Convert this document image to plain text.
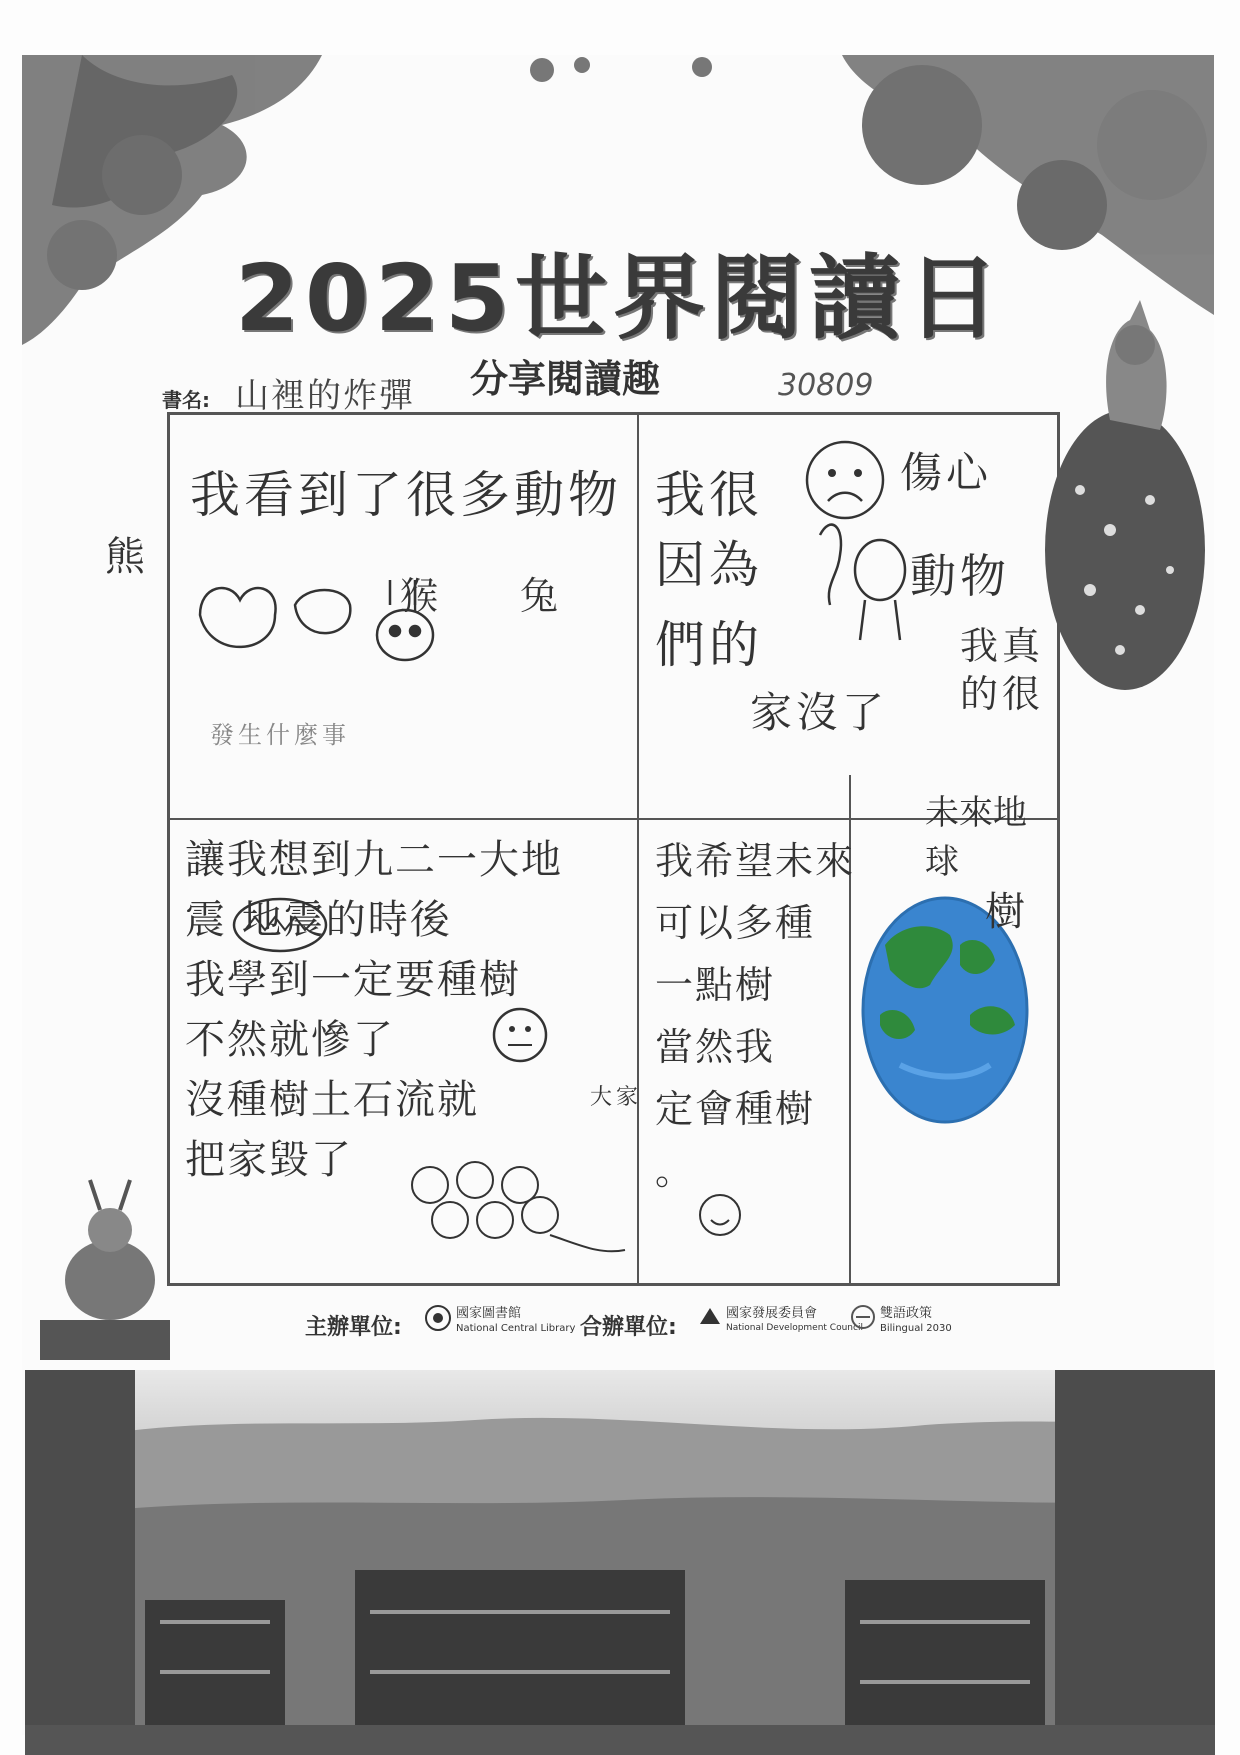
2025世界閱讀日
分享閱讀趣
書名: 山裡的炸彈	30809
我看到了很多動物
熊
猴 兔
發生什麼事
我很	傷心
因為	動物
們的
家沒了
我真
的很
讓我想到九二一大地
震 地震的時後
我學到一定要種樹
不然就慘了
沒種樹土石流就
把家毀了
大家
我希望未來
可以多種
一點樹
當然我
定會種樹
。
未來地球
樹
主辦單位:
國家圖書館
National Central Library 合辦單位:
國家發展委員會
National Development Council
雙語政策
Bilingual 2030
